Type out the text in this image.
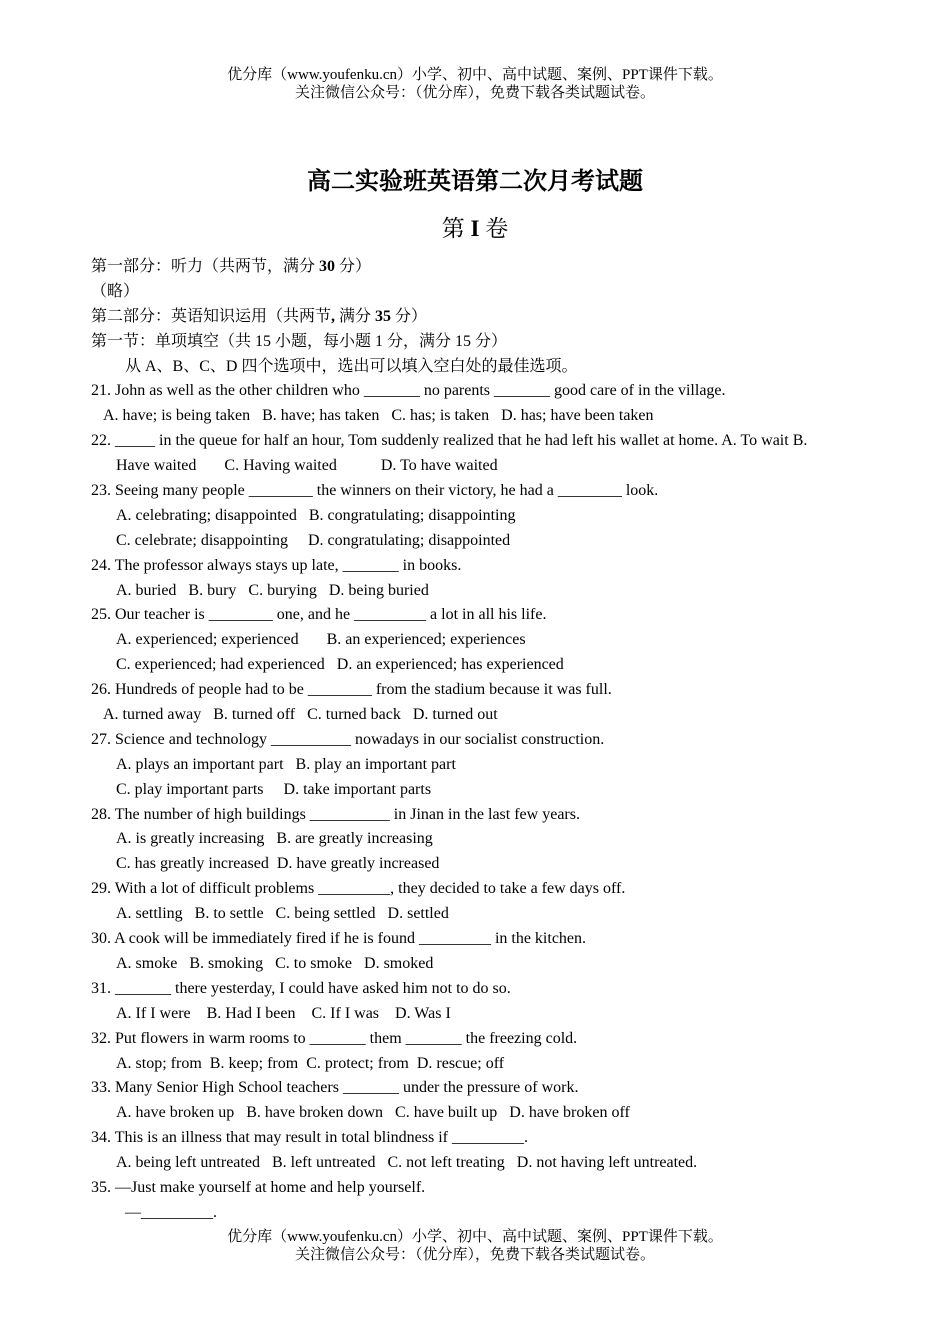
优分库（www.youfenku.cn）小学、初中、高中试题、案例、PPT课件下载。
关注微信公众号：（优分库），免费下载各类试题试卷。
高二实验班英语第二次月考试题
第 I 卷
第一部分：听力（共两节，满分 30 分）
（略）
第二部分：英语知识运用（共两节, 满分 35 分）
第一节：单项填空（共 15 小题，每小题 1 分，满分 15 分）
从 A、B、C、D 四个选项中，选出可以填入空白处的最佳选项。
21. John as well as the other children who _______ no parents _______ good care of in the village.
A. have; is being taken   B. have; has taken   C. has; is taken   D. has; have been taken
22. _____ in the queue for half an hour, Tom suddenly realized that he had left his wallet at home. A. To wait B.
Have waited       C. Having waited           D. To have waited
23. Seeing many people ________ the winners on their victory, he had a ________ look.
A. celebrating; disappointed   B. congratulating; disappointing
C. celebrate; disappointing     D. congratulating; disappointed
24. The professor always stays up late, _______ in books.
A. buried   B. bury   C. burying   D. being buried
25. Our teacher is ________ one, and he _________ a lot in all his life.
A. experienced; experienced       B. an experienced; experiences
C. experienced; had experienced   D. an experienced; has experienced
26. Hundreds of people had to be ________ from the stadium because it was full.
A. turned away   B. turned off   C. turned back   D. turned out
27. Science and technology __________ nowadays in our socialist construction.
A. plays an important part   B. play an important part
C. play important parts     D. take important parts
28. The number of high buildings __________ in Jinan in the last few years.
A. is greatly increasing   B. are greatly increasing
C. has greatly increased  D. have greatly increased
29. With a lot of difficult problems _________, they decided to take a few days off.
A. settling   B. to settle   C. being settled   D. settled
30. A cook will be immediately fired if he is found _________ in the kitchen.
A. smoke   B. smoking   C. to smoke   D. smoked
31. _______ there yesterday, I could have asked him not to do so.
A. If I were    B. Had I been    C. If I was    D. Was I
32. Put flowers in warm rooms to _______ them _______ the freezing cold.
A. stop; from  B. keep; from  C. protect; from  D. rescue; off
33. Many Senior High School teachers _______ under the pressure of work.
A. have broken up   B. have broken down   C. have built up   D. have broken off
34. This is an illness that may result in total blindness if _________.
A. being left untreated   B. left untreated   C. not left treating   D. not having left untreated.
35. —Just make yourself at home and help yourself.
—_________.
优分库（www.youfenku.cn）小学、初中、高中试题、案例、PPT课件下载。
关注微信公众号：（优分库），免费下载各类试题试卷。
